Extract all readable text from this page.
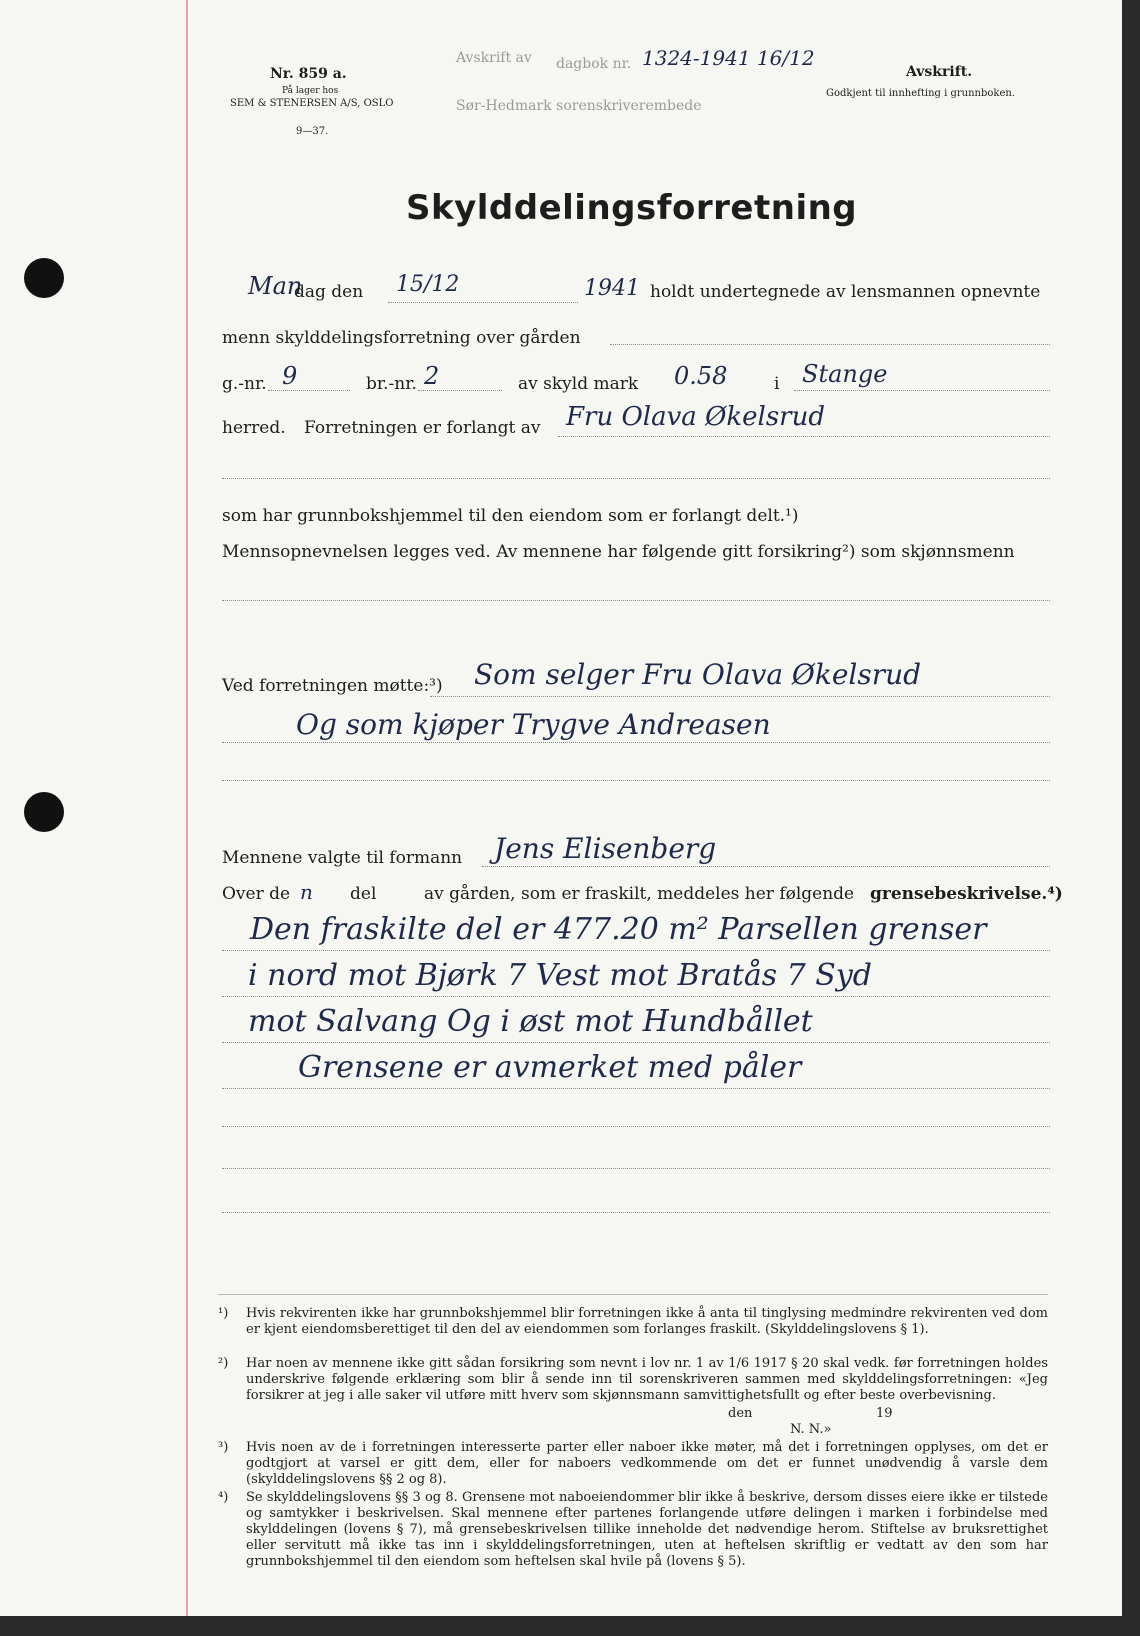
Nr. 859 a.
På lager hos
SEM & STENERSEN A/S, OSLO
9—37.
Avskrift av dagbok nr. 1324-1941 16/12
Sør-Hedmark sorenskriverembede
Avskrift.
Godkjent til innhefting i grunnboken.
Skylddelingsforretning
Man
dag den 15/12	1941 holdt undertegnede av lensmannen opnevnte
menn skylddelingsforretning over gården
g.-nr. 9	br.-nr. 2	av skyld mark 0.58	i Stange
herred. Forretningen er forlangt av Fru Olava Økelsrud
som har grunnbokshjemmel til den eiendom som er forlangt delt.¹)
Mennsopnevnelsen legges ved. Av mennene har følgende gitt forsikring²) som skjønnsmenn
Ved forretningen møtte:³) Som selger Fru Olava Økelsrud
Og som kjøper Trygve Andreasen
Mennene valgte til formann Jens Elisenberg
Over de n del	av gården, som er fraskilt, meddeles her følgende grensebeskrivelse.⁴)
Den fraskilte del er 477.20 m² Parsellen grenser
i nord mot Bjørk 7 Vest mot Bratås 7 Syd
mot Salvang Og i øst mot Hundbållet
Grensene er avmerket med påler
¹) Hvis rekvirenten ikke har grunnbokshjemmel blir forretningen ikke å anta til tinglysing medmindre rekvirenten ved dom er kjent eiendomsberettiget til den del av eiendommen som forlanges fraskilt. (Skylddelingslovens § 1).
²) Har noen av mennene ikke gitt sådan forsikring som nevnt i lov nr. 1 av 1/6 1917 § 20 skal vedk. før forretningen holdes underskrive følgende erklæring som blir å sende inn til sorenskriveren sammen med skylddelingsforretningen: «Jeg forsikrer at jeg i alle saker vil utføre mitt hverv som skjønnsmann samvittighetsfullt og efter beste overbevisning.
den	19
N. N.»
³) Hvis noen av de i forretningen interesserte parter eller naboer ikke møter, må det i forretningen opplyses, om det er godtgjort at varsel er gitt dem, eller for naboers vedkommende om det er funnet unødvendig å varsle dem (skylddelingslovens §§ 2 og 8).
⁴) Se skylddelingslovens §§ 3 og 8. Grensene mot naboeiendommer blir ikke å beskrive, dersom disses eiere ikke er tilstede og samtykker i beskrivelsen. Skal mennene efter partenes forlangende utføre delingen i marken i forbindelse med skylddelingen (lovens § 7), må grensebeskrivelsen tillike inneholde det nødvendige herom. Stiftelse av bruksrettighet eller servitutt må ikke tas inn i skylddelingsforretningen, uten at heftelsen skriftlig er vedtatt av den som har grunnbokshjemmel til den eiendom som heftelsen skal hvile på (lovens § 5).
